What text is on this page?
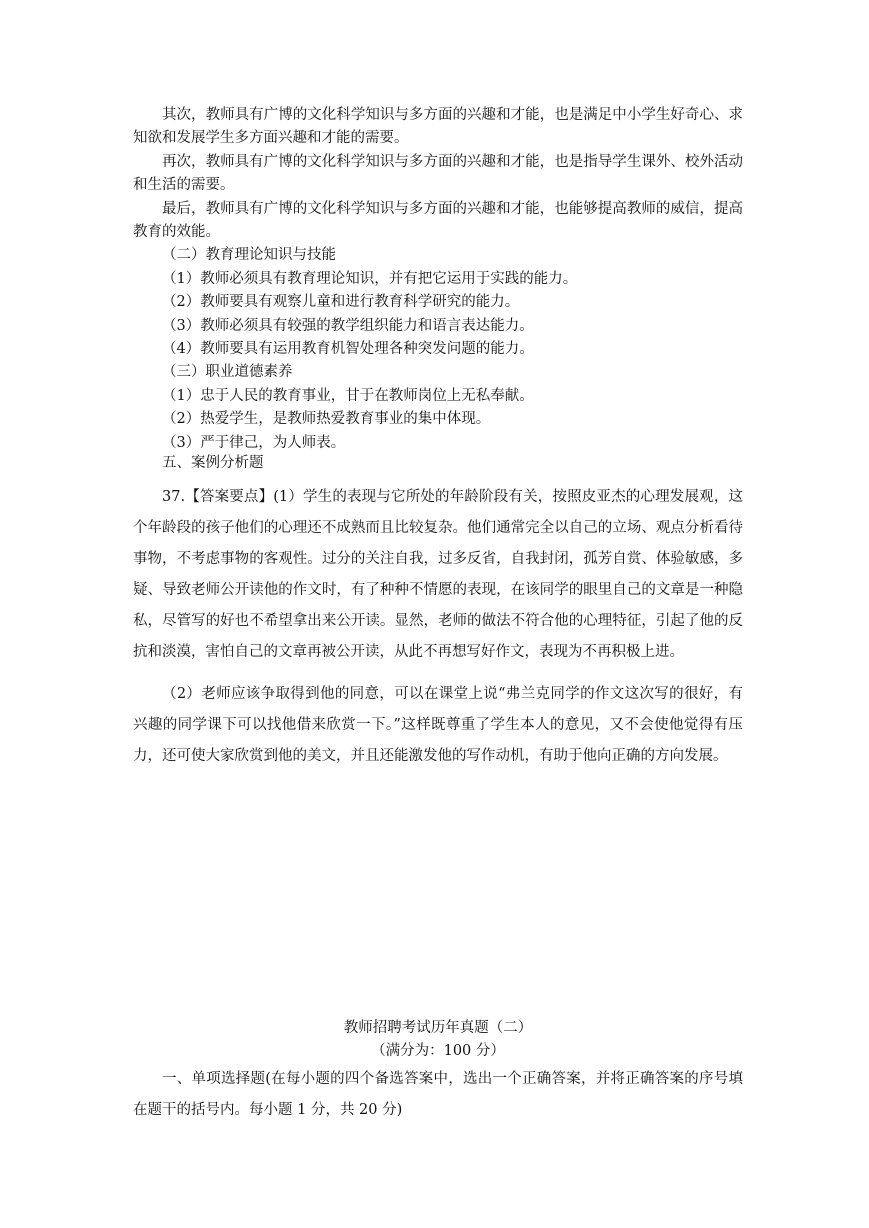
其次，教师具有广博的文化科学知识与多方面的兴趣和才能，也是满足中小学生好奇心、求知欲和发展学生多方面兴趣和才能的需要。

再次，教师具有广博的文化科学知识与多方面的兴趣和才能，也是指导学生课外、校外活动和生活的需要。

最后，教师具有广博的文化科学知识与多方面的兴趣和才能，也能够提高教师的威信，提高教育的效能。

（二）教育理论知识与技能

（1）教师必须具有教育理论知识，并有把它运用于实践的能力。

（2）教师要具有观察儿童和进行教育科学研究的能力。

（3）教师必须具有较强的教学组织能力和语言表达能力。

（4）教师要具有运用教育机智处理各种突发问题的能力。

（三）职业道德素养

（1）忠于人民的教育事业，甘于在教师岗位上无私奉献。

（2）热爱学生，是教师热爱教育事业的集中体现。

（3）严于律己，为人师表。

五、案例分析题

37.【答案要点】(1）学生的表现与它所处的年龄阶段有关，按照皮亚杰的心理发展观，这个年龄段的孩子他们的心理还不成熟而且比较复杂。他们通常完全以自己的立场、观点分析看待事物，不考虑事物的客观性。过分的关注自我，过多反省，自我封闭，孤芳自赏、体验敏感，多疑、导致老师公开读他的作文时，有了种种不情愿的表现，在该同学的眼里自己的文章是一种隐私，尽管写的好也不希望拿出来公开读。显然，老师的做法不符合他的心理特征，引起了他的反抗和淡漠，害怕自己的文章再被公开读，从此不再想写好作文，表现为不再积极上进。

（2）老师应该争取得到他的同意，可以在课堂上说“弗兰克同学的作文这次写的很好，有兴趣的同学课下可以找他借来欣赏一下。”这样既尊重了学生本人的意见，又不会使他觉得有压力，还可使大家欣赏到他的美文，并且还能激发他的写作动机，有助于他向正确的方向发展。

教师招聘考试历年真题（二）
（满分为：100 分）

一、单项选择题(在每小题的四个备选答案中，选出一个正确答案，并将正确答案的序号填在题干的括号内。每小题 1 分，共 20 分)
